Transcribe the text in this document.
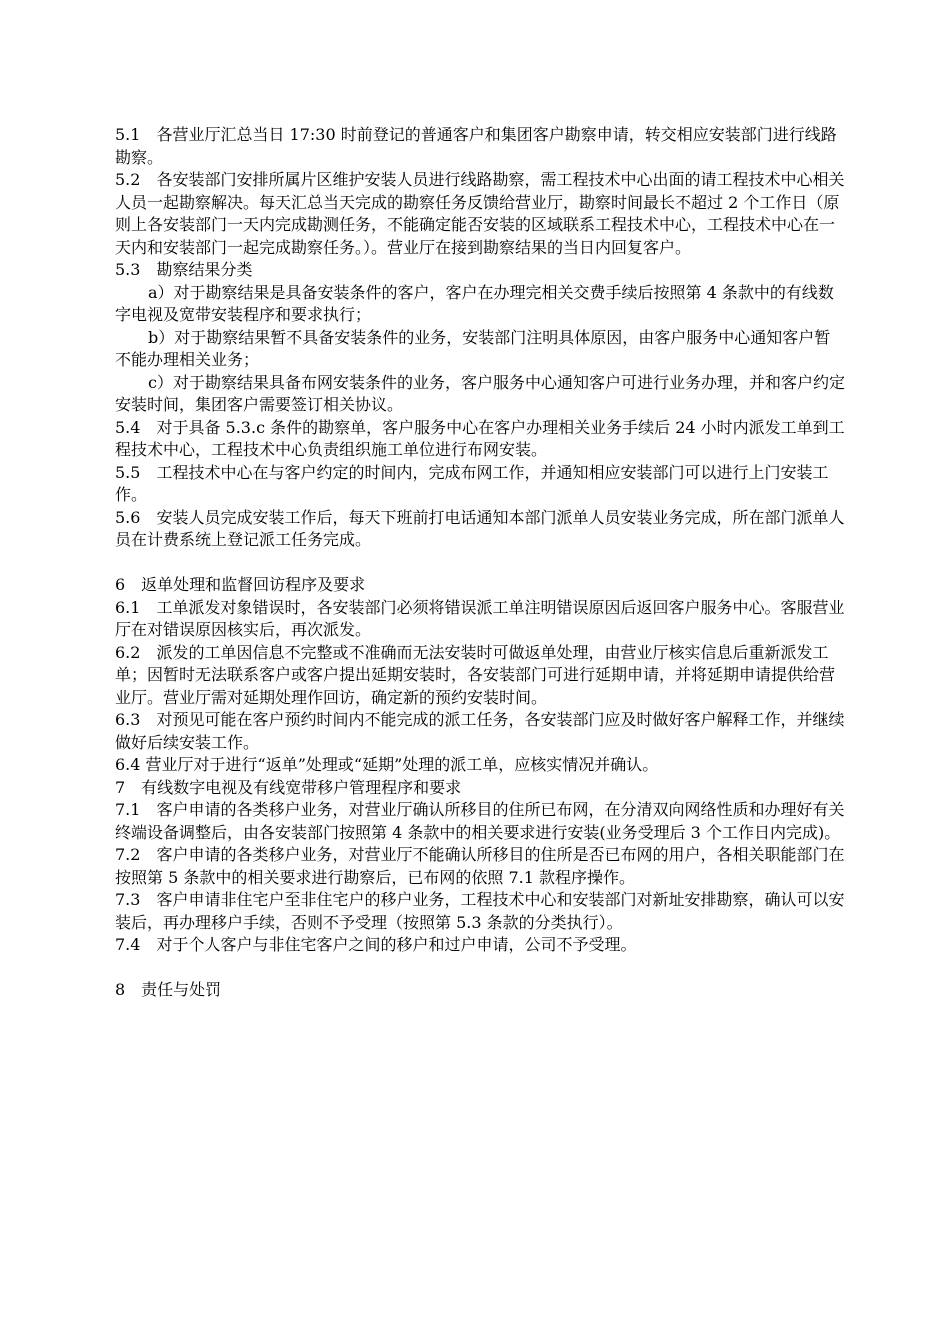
5.1　各营业厅汇总当日 17:30 时前登记的普通客户和集团客户勘察申请，转交相应安装部门进行线路勘察。

5.2　各安装部门安排所属片区维护安装人员进行线路勘察，需工程技术中心出面的请工程技术中心相关人员一起勘察解决。每天汇总当天完成的勘察任务反馈给营业厅，勘察时间最长不超过 2 个工作日（原则上各安装部门一天内完成勘测任务，不能确定能否安装的区域联系工程技术中心，工程技术中心在一天内和安装部门一起完成勘察任务。）。营业厅在接到勘察结果的当日内回复客户。

5.3　勘察结果分类

a）对于勘察结果是具备安装条件的客户，客户在办理完相关交费手续后按照第 4 条款中的有线数字电视及宽带安装程序和要求执行；

b）对于勘察结果暂不具备安装条件的业务，安装部门注明具体原因，由客户服务中心通知客户暂不能办理相关业务；

c）对于勘察结果具备布网安装条件的业务，客户服务中心通知客户可进行业务办理，并和客户约定安装时间，集团客户需要签订相关协议。

5.4　对于具备 5.3.c 条件的勘察单，客户服务中心在客户办理相关业务手续后 24 小时内派发工单到工程技术中心，工程技术中心负责组织施工单位进行布网安装。

5.5　工程技术中心在与客户约定的时间内，完成布网工作，并通知相应安装部门可以进行上门安装工作。

5.6　安装人员完成安装工作后，每天下班前打电话通知本部门派单人员安装业务完成，所在部门派单人员在计费系统上登记派工任务完成。

6　返单处理和监督回访程序及要求

6.1　工单派发对象错误时，各安装部门必须将错误派工单注明错误原因后返回客户服务中心。客服营业厅在对错误原因核实后，再次派发。

6.2　派发的工单因信息不完整或不准确而无法安装时可做返单处理，由营业厅核实信息后重新派发工单；因暂时无法联系客户或客户提出延期安装时，各安装部门可进行延期申请，并将延期申请提供给营业厅。营业厅需对延期处理作回访，确定新的预约安装时间。

6.3　对预见可能在客户预约时间内不能完成的派工任务，各安装部门应及时做好客户解释工作，并继续做好后续安装工作。

6.4 营业厅对于进行“返单”处理或“延期”处理的派工单，应核实情况并确认。

7　有线数字电视及有线宽带移户管理程序和要求

7.1　客户申请的各类移户业务，对营业厅确认所移目的住所已布网，在分清双向网络性质和办理好有关终端设备调整后，由各安装部门按照第 4 条款中的相关要求进行安装(业务受理后 3 个工作日内完成)。

7.2　客户申请的各类移户业务，对营业厅不能确认所移目的住所是否已布网的用户，各相关职能部门在按照第 5 条款中的相关要求进行勘察后，已布网的依照 7.1 款程序操作。

7.3　客户申请非住宅户至非住宅户的移户业务，工程技术中心和安装部门对新址安排勘察，确认可以安装后，再办理移户手续，否则不予受理（按照第 5.3 条款的分类执行）。

7.4　对于个人客户与非住宅客户之间的移户和过户申请，公司不予受理。

8　责任与处罚
